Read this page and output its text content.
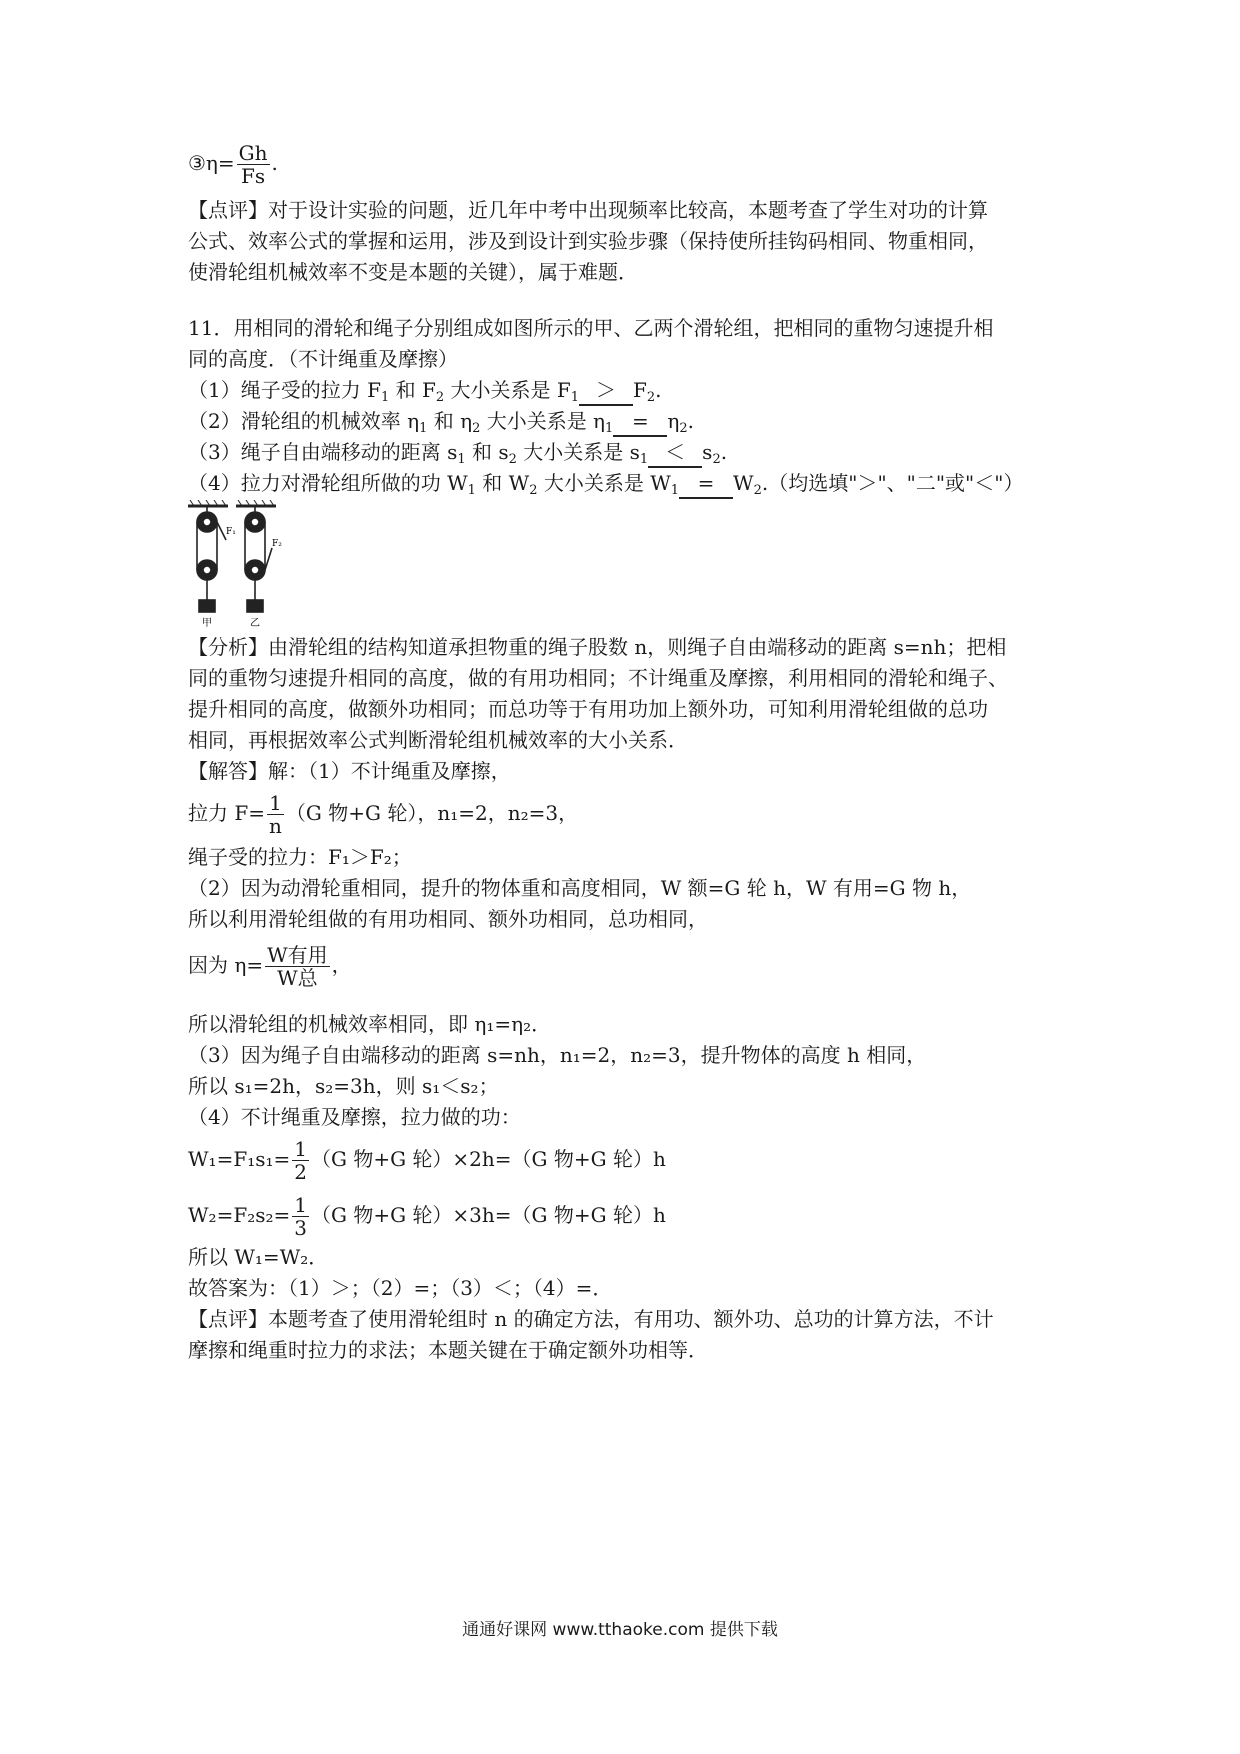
③η= $\frac{Gh}{Fs}$ .
【点评】对于设计实验的问题，近几年中考中出现频率比较高，本题考查了学生对功的计算
公式、效率公式的掌握和运用，涉及到设计到实验步骤（保持使所挂钩码相同、物重相同，
使滑轮组机械效率不变是本题的关键），属于难题．
11．用相同的滑轮和绳子分别组成如图所示的甲、乙两个滑轮组，把相同的重物匀速提升相
同的高度．（不计绳重及摩擦）
（1）绳子受的拉力 $F_1$ 和 $F_2$ 大小关系是 $F_1 > F_2$.
（2）滑轮组的机械效率 $\eta_1$ 和 $\eta_2$ 大小关系是 $\eta_1 = \eta_2$.
（3）绳子自由端移动的距离 $s_1$ 和 $s_2$ 大小关系是 $s_1 < s_2$.
（4）拉力对滑轮组所做的功 $W_1$ 和 $W_2$ 大小关系是 $W_1 = W_2$.（均选填"＞"、"二"或"＜"）
F₁
F₂
甲	乙
【分析】由滑轮组的结构知道承担物重的绳子股数 n，则绳子自由端移动的距离 s=nh；把相
同的重物匀速提升相同的高度，做的有用功相同；不计绳重及摩擦，利用相同的滑轮和绳子、
提升相同的高度，做额外功相同；而总功等于有用功加上额外功，可知利用滑轮组做的总功
相同，再根据效率公式判断滑轮组机械效率的大小关系．
【解答】解：（1）不计绳重及摩擦，
拉力 $F= \frac{1}{n} (G$ 物+G 轮），n₁=2，n₂=3，
绳子受的拉力：F₁＞F₂；
（2）因为动滑轮重相同，提升的物体重和高度相同，W 额=G 轮 h，W 有用=G 物 h，
所以利用滑轮组做的有用功相同、额外功相同，总功相同，
因为 $\eta= \frac{\text{W有用}}{\text{W总}}$ ，
所以滑轮组的机械效率相同，即 η₁=η₂．
（3）因为绳子自由端移动的距离 s=nh，n₁=2，n₂=3，提升物体的高度 h 相同，
所以 s₁=2h，s₂=3h，则 s₁＜s₂；
（4）不计绳重及摩擦，拉力做的功：
$W_1=F_1s_1= \frac{1}{2} (G$ 物+G 轮）×2h=（G 物+G 轮）h
$W_2=F_2s_2= \frac{1}{3} (G$ 物+G 轮）×3h=（G 物+G 轮）h
所以 W₁=W₂．
故答案为：（1）＞；（2）=；（3）＜；（4）=．
【点评】本题考查了使用滑轮组时 n 的确定方法，有用功、额外功、总功的计算方法，不计
摩擦和绳重时拉力的求法；本题关键在于确定额外功相等．
通通好课网 www.tthaoke.com 提供下载
